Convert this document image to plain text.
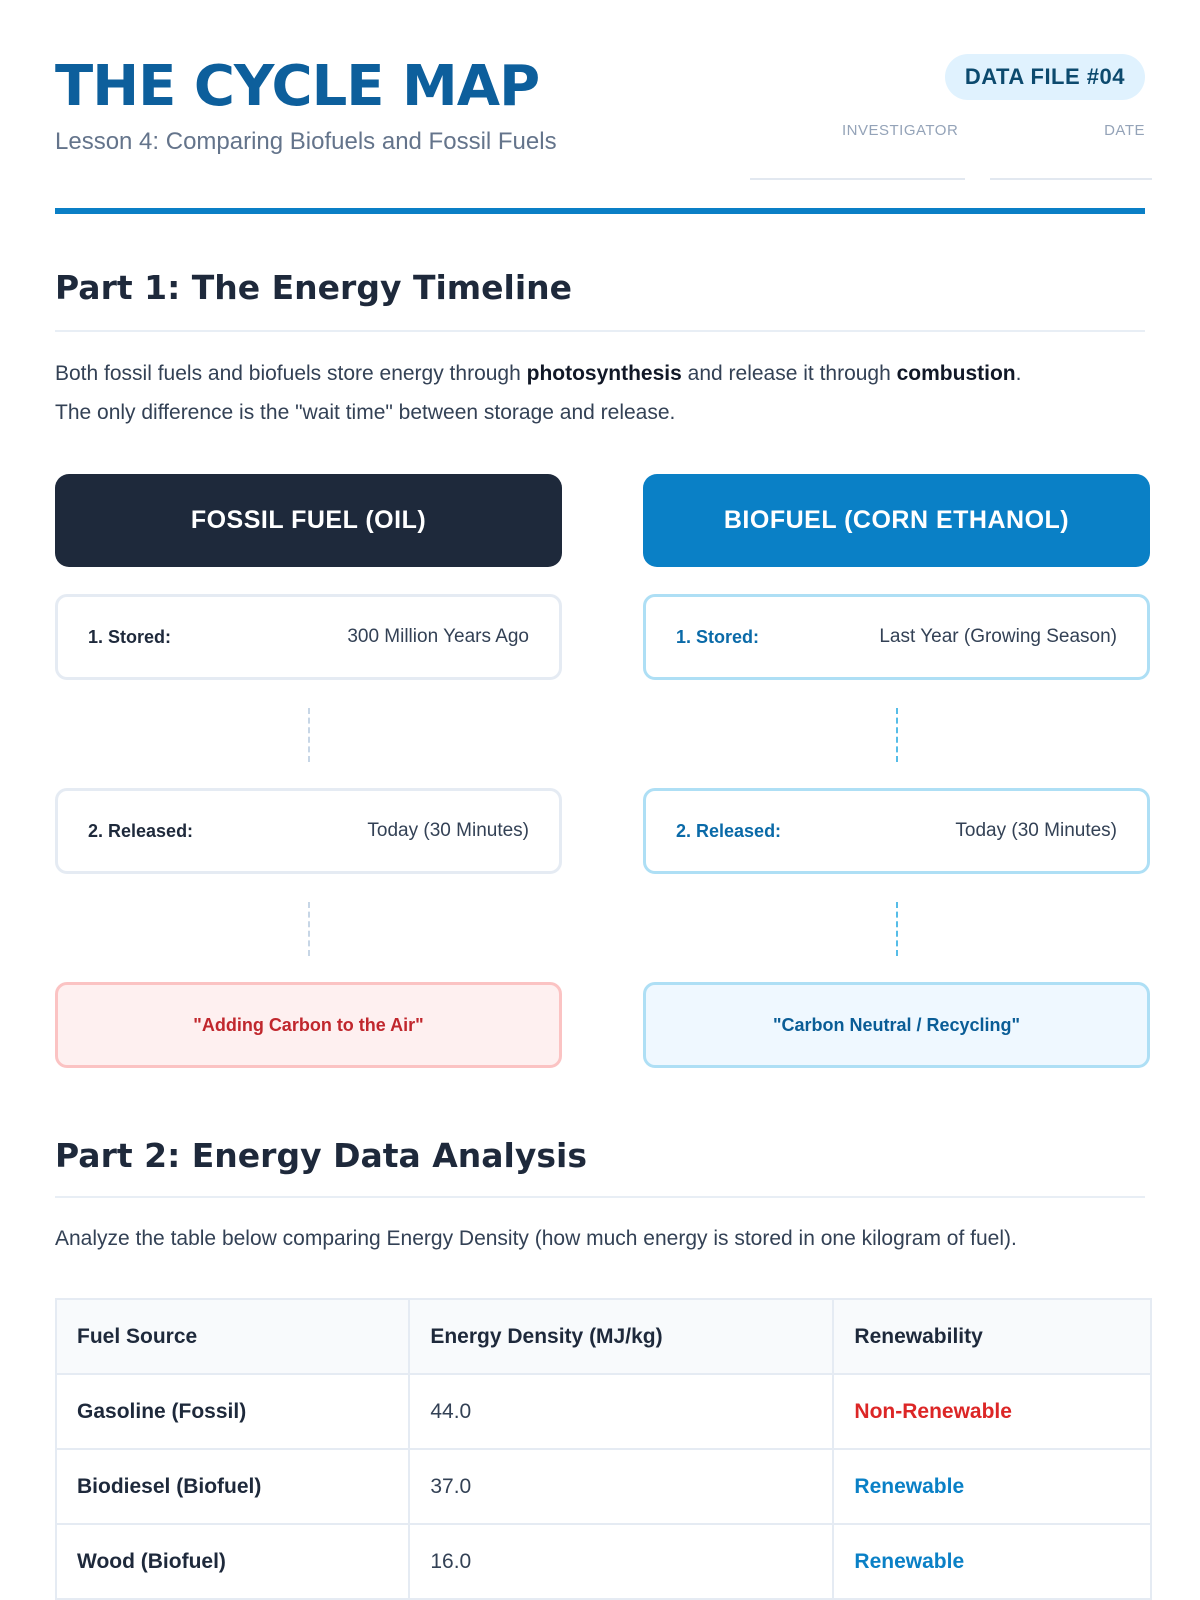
THE CYCLE MAP
Lesson 4: Comparing Biofuels and Fossil Fuels
DATA FILE #04
INVESTIGATOR	DATE
Part 1: The Energy Timeline
Both fossil fuels and biofuels store energy through photosynthesis and release it through combustion.
The only difference is the "wait time" between storage and release.
FOSSIL FUEL (OIL)
1. Stored:	300 Million Years Ago
2. Released:	Today (30 Minutes)
"Adding Carbon to the Air"
BIOFUEL (CORN ETHANOL)
1. Stored:	Last Year (Growing Season)
2. Released:	Today (30 Minutes)
"Carbon Neutral / Recycling"
Part 2: Energy Data Analysis
Analyze the table below comparing Energy Density (how much energy is stored in one kilogram of fuel).
Fuel Source	Energy Density (MJ/kg)	Renewability
Gasoline (Fossil)	44.0	Non-Renewable
Biodiesel (Biofuel)	37.0	Renewable
Wood (Biofuel)	16.0	Renewable
